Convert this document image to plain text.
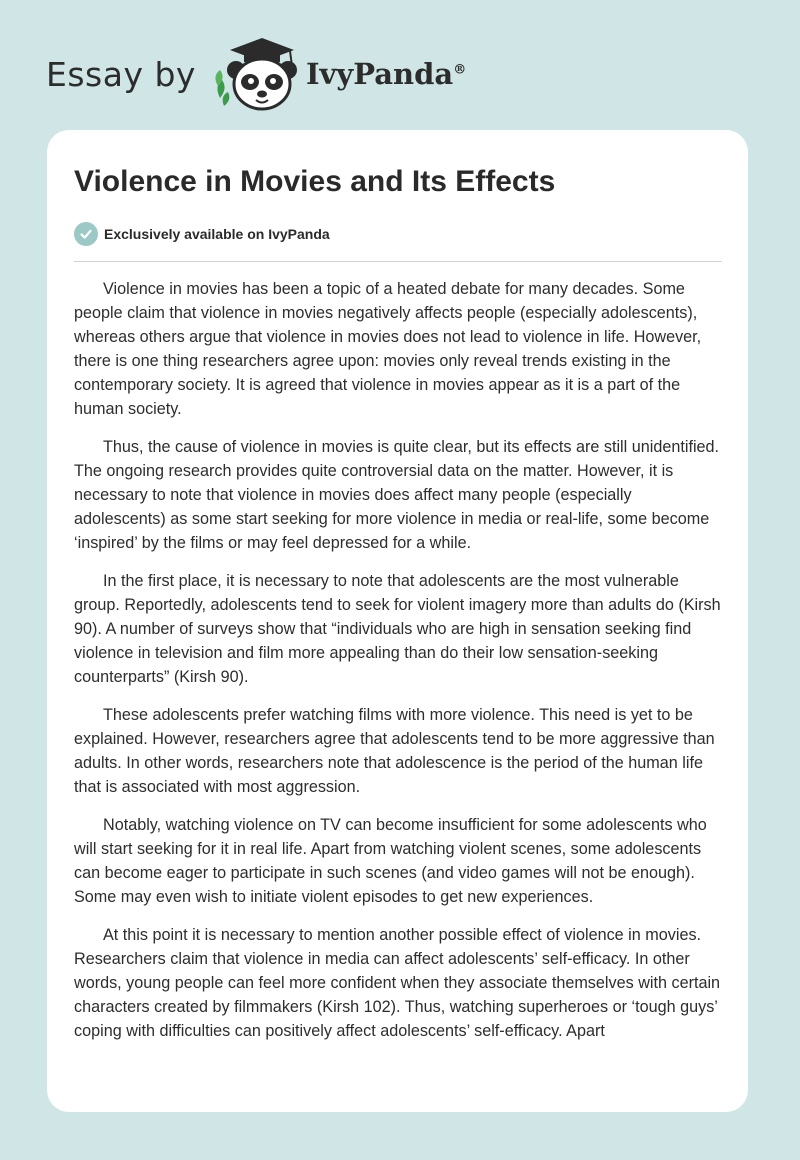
Essay by	IvyPanda®
Violence in Movies and Its Effects
Exclusively available on IvyPanda

Violence in movies has been a topic of a heated debate for many decades. Some people claim that violence in movies negatively affects people (especially adolescents), whereas others argue that violence in movies does not lead to violence in life. However, there is one thing researchers agree upon: movies only reveal trends existing in the contemporary society. It is agreed that violence in movies appear as it is a part of the human society.

Thus, the cause of violence in movies is quite clear, but its effects are still unidentified. The ongoing research provides quite controversial data on the matter. However, it is necessary to note that violence in movies does affect many people (especially adolescents) as some start seeking for more violence in media or real-life, some become ‘inspired’ by the films or may feel depressed for a while.

In the first place, it is necessary to note that adolescents are the most vulnerable group. Reportedly, adolescents tend to seek for violent imagery more than adults do (Kirsh 90). A number of surveys show that “individuals who are high in sensation seeking find violence in television and film more appealing than do their low sensation-seeking counterparts” (Kirsh 90).

These adolescents prefer watching films with more violence. This need is yet to be explained. However, researchers agree that adolescents tend to be more aggressive than adults. In other words, researchers note that adolescence is the period of the human life that is associated with most aggression.

Notably, watching violence on TV can become insufficient for some adolescents who will start seeking for it in real life. Apart from watching violent scenes, some adolescents can become eager to participate in such scenes (and video games will not be enough). Some may even wish to initiate violent episodes to get new experiences.

At this point it is necessary to mention another possible effect of violence in movies. Researchers claim that violence in media can affect adolescents’ self-efficacy. In other words, young people can feel more confident when they associate themselves with certain characters created by filmmakers (Kirsh 102). Thus, watching superheroes or ‘tough guys’ coping with difficulties can positively affect adolescents’ self-efficacy. Apart
